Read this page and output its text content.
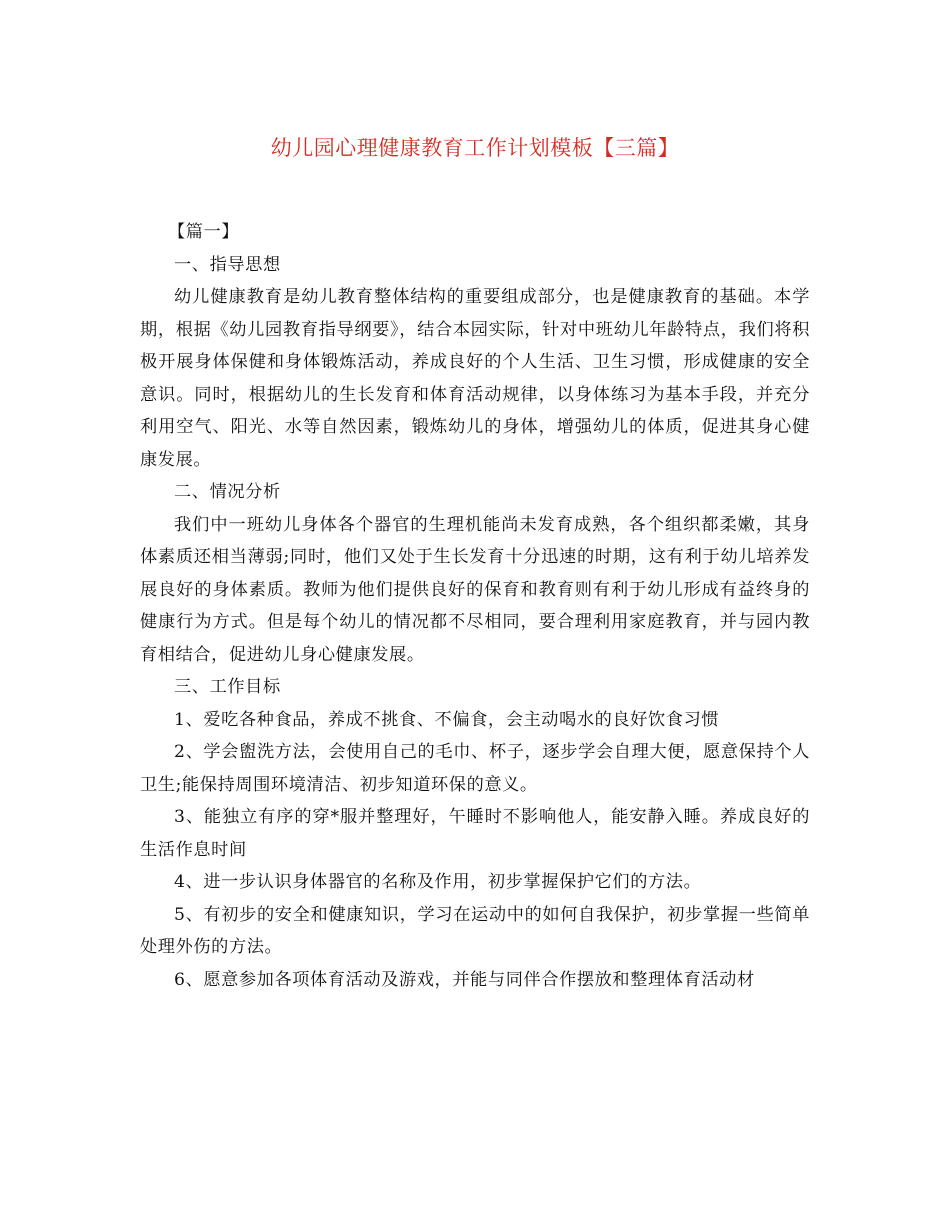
幼儿园心理健康教育工作计划模板【三篇】

【篇一】

一、指导思想

幼儿健康教育是幼儿教育整体结构的重要组成部分，也是健康教育的基础。本学期，根据《幼儿园教育指导纲要》，结合本园实际，针对中班幼儿年龄特点，我们将积极开展身体保健和身体锻炼活动，养成良好的个人生活、卫生习惯，形成健康的安全意识。同时，根据幼儿的生长发育和体育活动规律，以身体练习为基本手段，并充分利用空气、阳光、水等自然因素，锻炼幼儿的身体，增强幼儿的体质，促进其身心健康发展。

二、情况分析

我们中一班幼儿身体各个器官的生理机能尚未发育成熟，各个组织都柔嫩，其身体素质还相当薄弱;同时，他们又处于生长发育十分迅速的时期，这有利于幼儿培养发展良好的身体素质。教师为他们提供良好的保育和教育则有利于幼儿形成有益终身的健康行为方式。但是每个幼儿的情况都不尽相同，要合理利用家庭教育，并与园内教育相结合，促进幼儿身心健康发展。

三、工作目标

1、爱吃各种食品，养成不挑食、不偏食，会主动喝水的良好饮食习惯

2、学会盥洗方法，会使用自己的毛巾、杯子，逐步学会自理大便，愿意保持个人卫生;能保持周围环境清洁、初步知道环保的意义。

3、能独立有序的穿*服并整理好，午睡时不影响他人，能安静入睡。养成良好的生活作息时间

4、进一步认识身体器官的名称及作用，初步掌握保护它们的方法。

5、有初步的安全和健康知识，学习在运动中的如何自我保护，初步掌握一些简单处理外伤的方法。

6、愿意参加各项体育活动及游戏，并能与同伴合作摆放和整理体育活动材
